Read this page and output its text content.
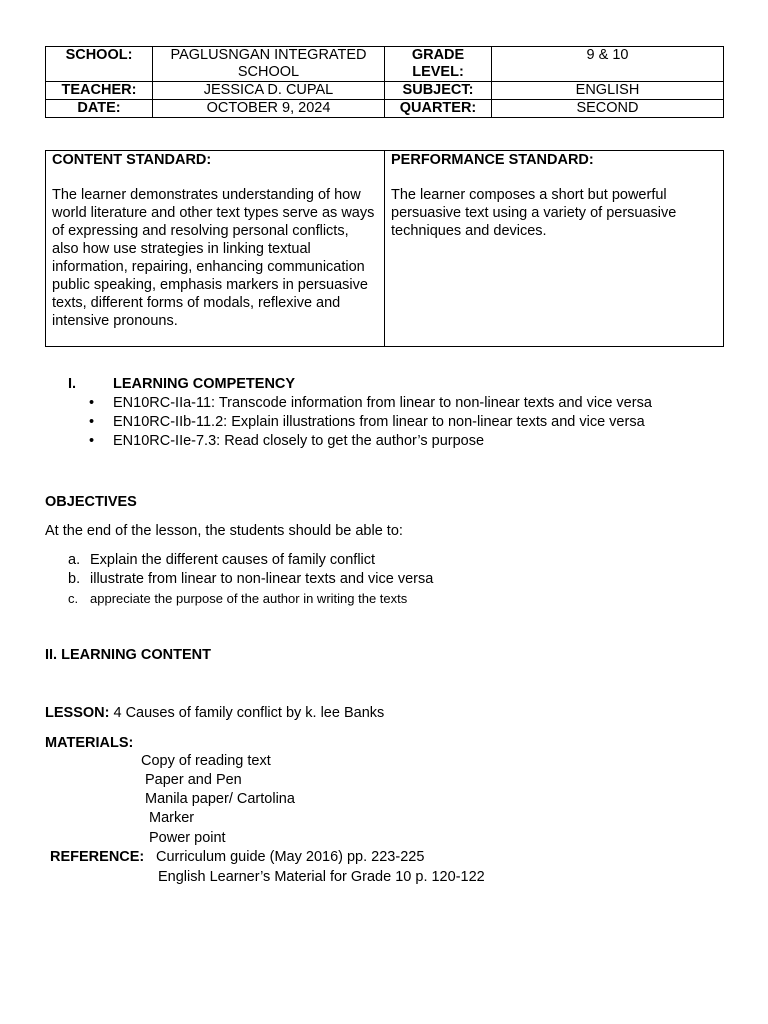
SCHOOL:	PAGLUSNGAN INTEGRATED SCHOOL	GRADE LEVEL:	9 & 10
TEACHER:	JESSICA D. CUPAL	SUBJECT:	ENGLISH
DATE:	OCTOBER 9, 2024	QUARTER:	SECOND
CONTENT STANDARD:
The learner demonstrates understanding of how world literature and other text types serve as ways of expressing and resolving personal conflicts, also how use strategies in linking textual information, repairing, enhancing communication public speaking, emphasis markers in persuasive texts, different forms of modals, reflexive and intensive pronouns.

PERFORMANCE STANDARD:
The learner composes a short but powerful persuasive text using a variety of persuasive techniques and devices.
I.	LEARNING COMPETENCY
• EN10RC-IIa-11: Transcode information from linear to non-linear texts and vice versa
• EN10RC-IIb-11.2: Explain illustrations from linear to non-linear texts and vice versa
• EN10RC-IIe-7.3: Read closely to get the author’s purpose
OBJECTIVES
At the end of the lesson, the students should be able to:
a. Explain the different causes of family conflict
b. illustrate from linear to non-linear texts and vice versa
c. appreciate the purpose of the author in writing the texts
II. LEARNING CONTENT
LESSON: 4 Causes of family conflict by k. lee Banks
MATERIALS:
Copy of reading text
Paper and Pen
Manila paper/ Cartolina
Marker
Power point
REFERENCE: Curriculum guide (May 2016) pp. 223-225
English Learner’s Material for Grade 10 p. 120-122
